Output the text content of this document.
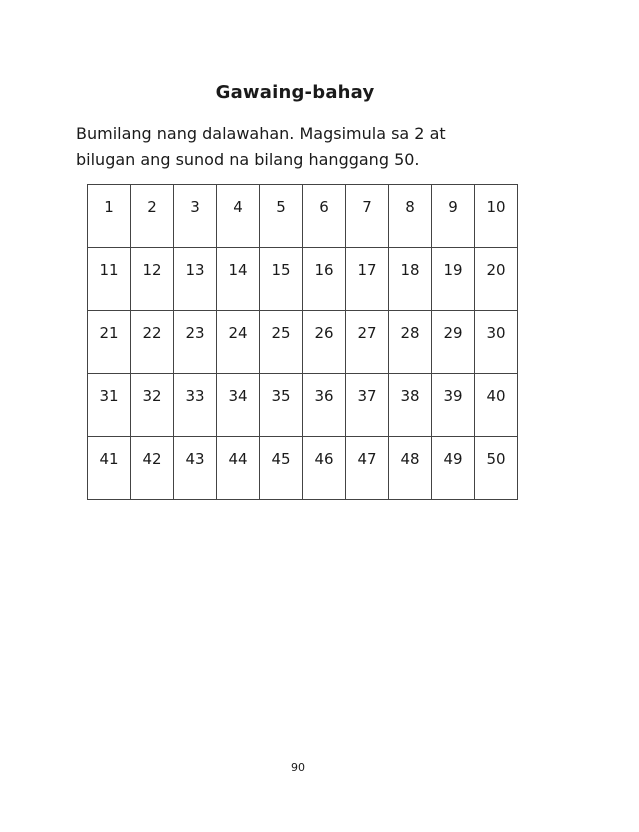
Gawaing-bahay
Bumilang nang dalawahan. Magsimula sa 2 at
bilugan ang sunod na bilang hanggang 50.
1	2	3	4	5	6	7	8	9	10

11	12	13	14	15	16	17	18	19	20

21	22	23	24	25	26	27	28	29	30

31	32	33	34	35	36	37	38	39	40

41	42	43	44	45	46	47	48	49	50
90
